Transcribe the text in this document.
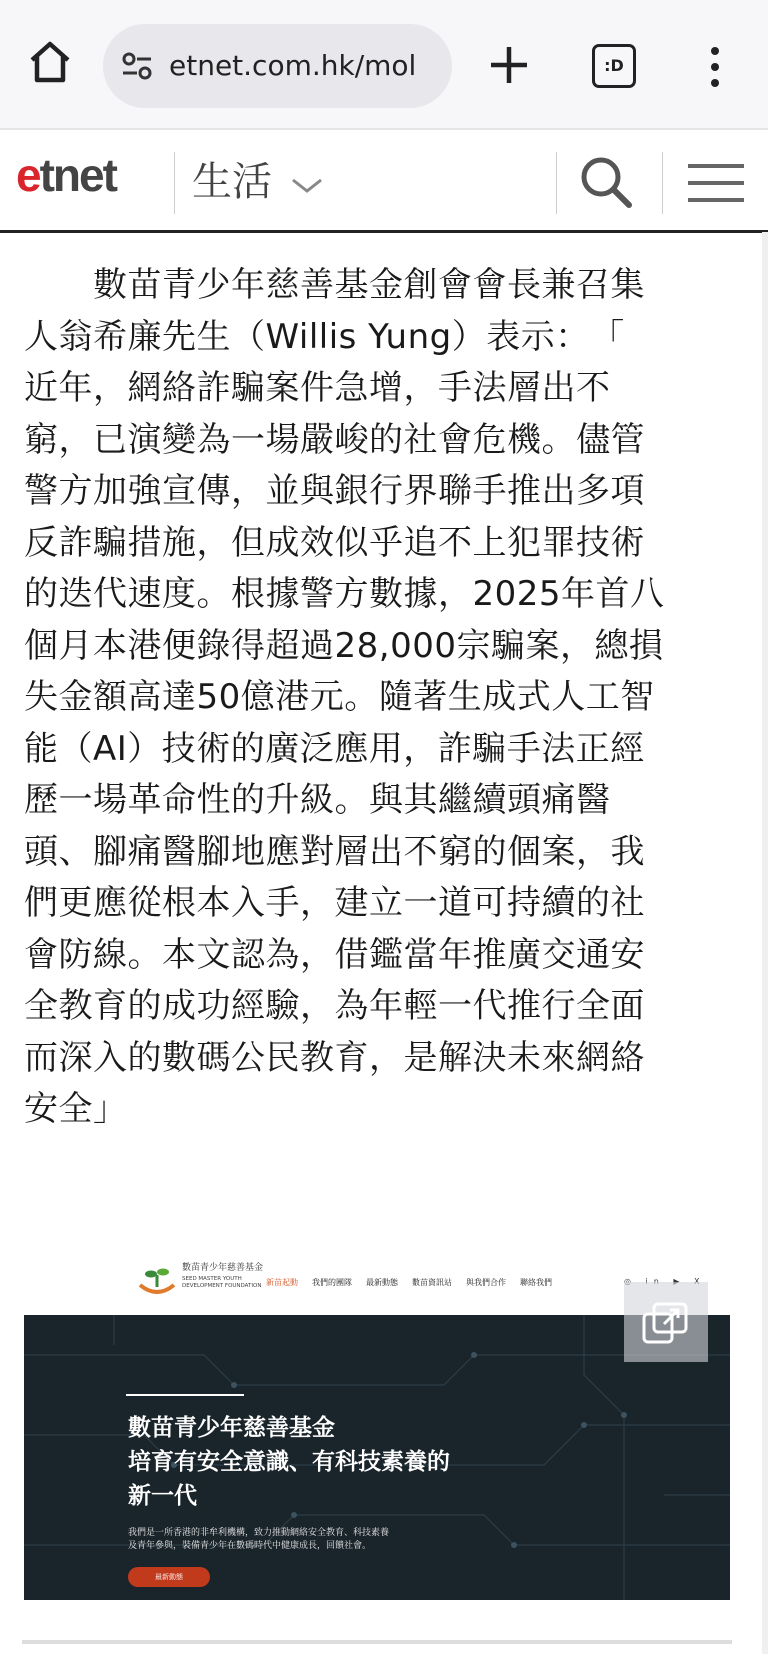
etnet.com.hk/mol	:D
etnet 生活
　　數苗青少年慈善基金創會會長兼召集
人翁希廉先生（Willis Yung）表示：　「
近年，網絡詐騙案件急增，手法層出不
窮，已演變為一場嚴峻的社會危機。儘管
警方加強宣傳，並與銀行界聯手推出多項
反詐騙措施，但成效似乎追不上犯罪技術
的迭代速度。根據警方數據，2025年首八
個月本港便錄得超過28,000宗騙案，總損
失金額高達50億港元。隨著生成式人工智
能（AI）技術的廣泛應用，詐騙手法正經
歷一場革命性的升級。與其繼續頭痛醫
頭、腳痛醫腳地應對層出不窮的個案，我
們更應從根本入手，建立一道可持續的社
會防線。本文認為，借鑑當年推廣交通安
全教育的成功經驗，為年輕一代推行全面
而深入的數碼公民教育，是解決未來網絡
安全」
數苗青少年慈善基金
SEED MASTER YOUTH DEVELOPMENT FOUNDATION 新苗起動 我們的團隊 最新動態 數苗資訊站 與我們合作 聯絡我們
數苗青少年慈善基金
培育有安全意識、有科技素養的
新一代
我們是一所香港的非牟利機構，致力推動網絡安全教育、科技素養
及青年參與，裝備青少年在數碼時代中健康成長，回饋社會。
最新動態
